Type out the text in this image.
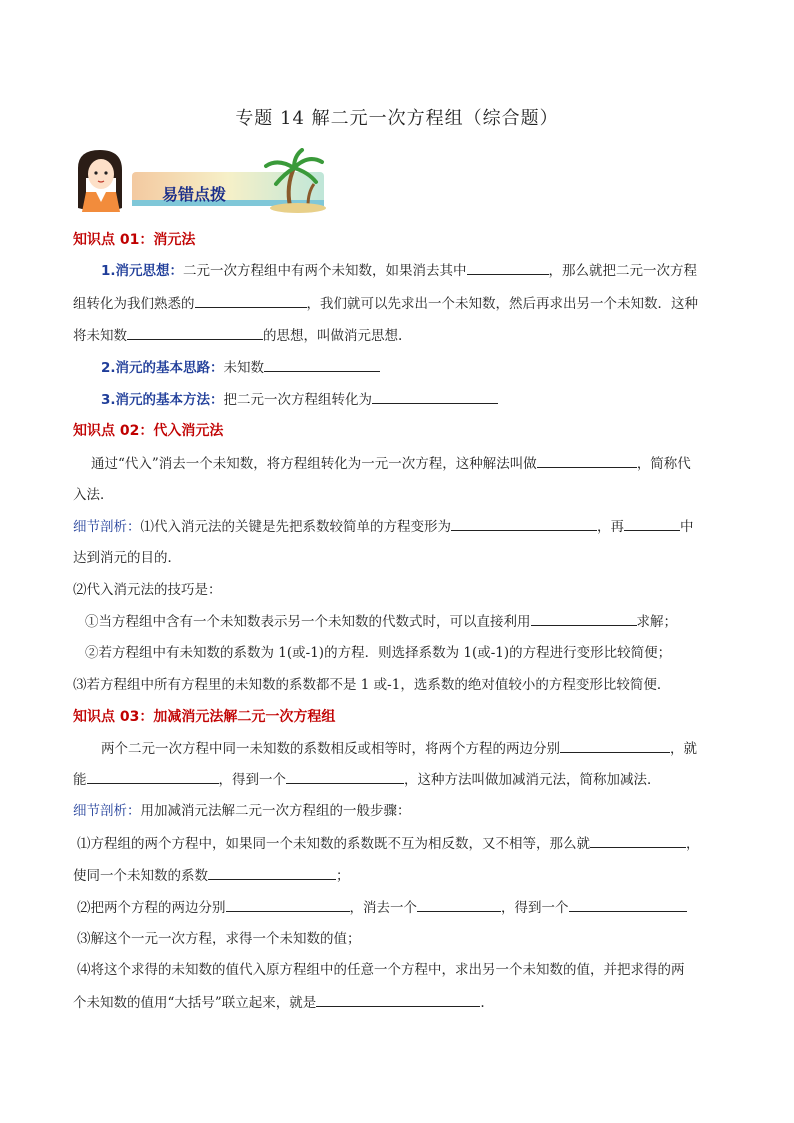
专题 14 解二元一次方程组（综合题）
易错点拨
知识点 01：消元法
1.消元思想：二元一次方程组中有两个未知数，如果消去其中	，那么就把二元一次方程
组转化为我们熟悉的	，我们就可以先求出一个未知数，然后再求出另一个未知数．这种
将未知数	的思想，叫做消元思想.
2.消元的基本思路：未知数
3.消元的基本方法：把二元一次方程组转化为
知识点 02：代入消元法
通过“代入”消去一个未知数，将方程组转化为一元一次方程，这种解法叫做	，简称代
入法．
细节剖析：⑴代入消元法的关键是先把系数较简单的方程变形为	，再	中
达到消元的目的．
⑵代入消元法的技巧是：
①当方程组中含有一个未知数表示另一个未知数的代数式时，可以直接利用	求解；
②若方程组中有未知数的系数为 1(或-1)的方程．则选择系数为 1(或-1)的方程进行变形比较简便；
⑶若方程组中所有方程里的未知数的系数都不是 1 或-1，选系数的绝对值较小的方程变形比较简便．
知识点 03：加减消元法解二元一次方程组
两个二元一次方程中同一未知数的系数相反或相等时，将两个方程的两边分别	，就
能	，得到一个	，这种方法叫做加减消元法，简称加减法．
细节剖析：用加减消元法解二元一次方程组的一般步骤：
⑴方程组的两个方程中，如果同一个未知数的系数既不互为相反数，又不相等，那么就	，
使同一个未知数的系数	；
⑵把两个方程的两边分别	，消去一个	，得到一个
⑶解这个一元一次方程，求得一个未知数的值；
⑷将这个求得的未知数的值代入原方程组中的任意一个方程中，求出另一个未知数的值，并把求得的两
个未知数的值用“大括号”联立起来，就是	.
